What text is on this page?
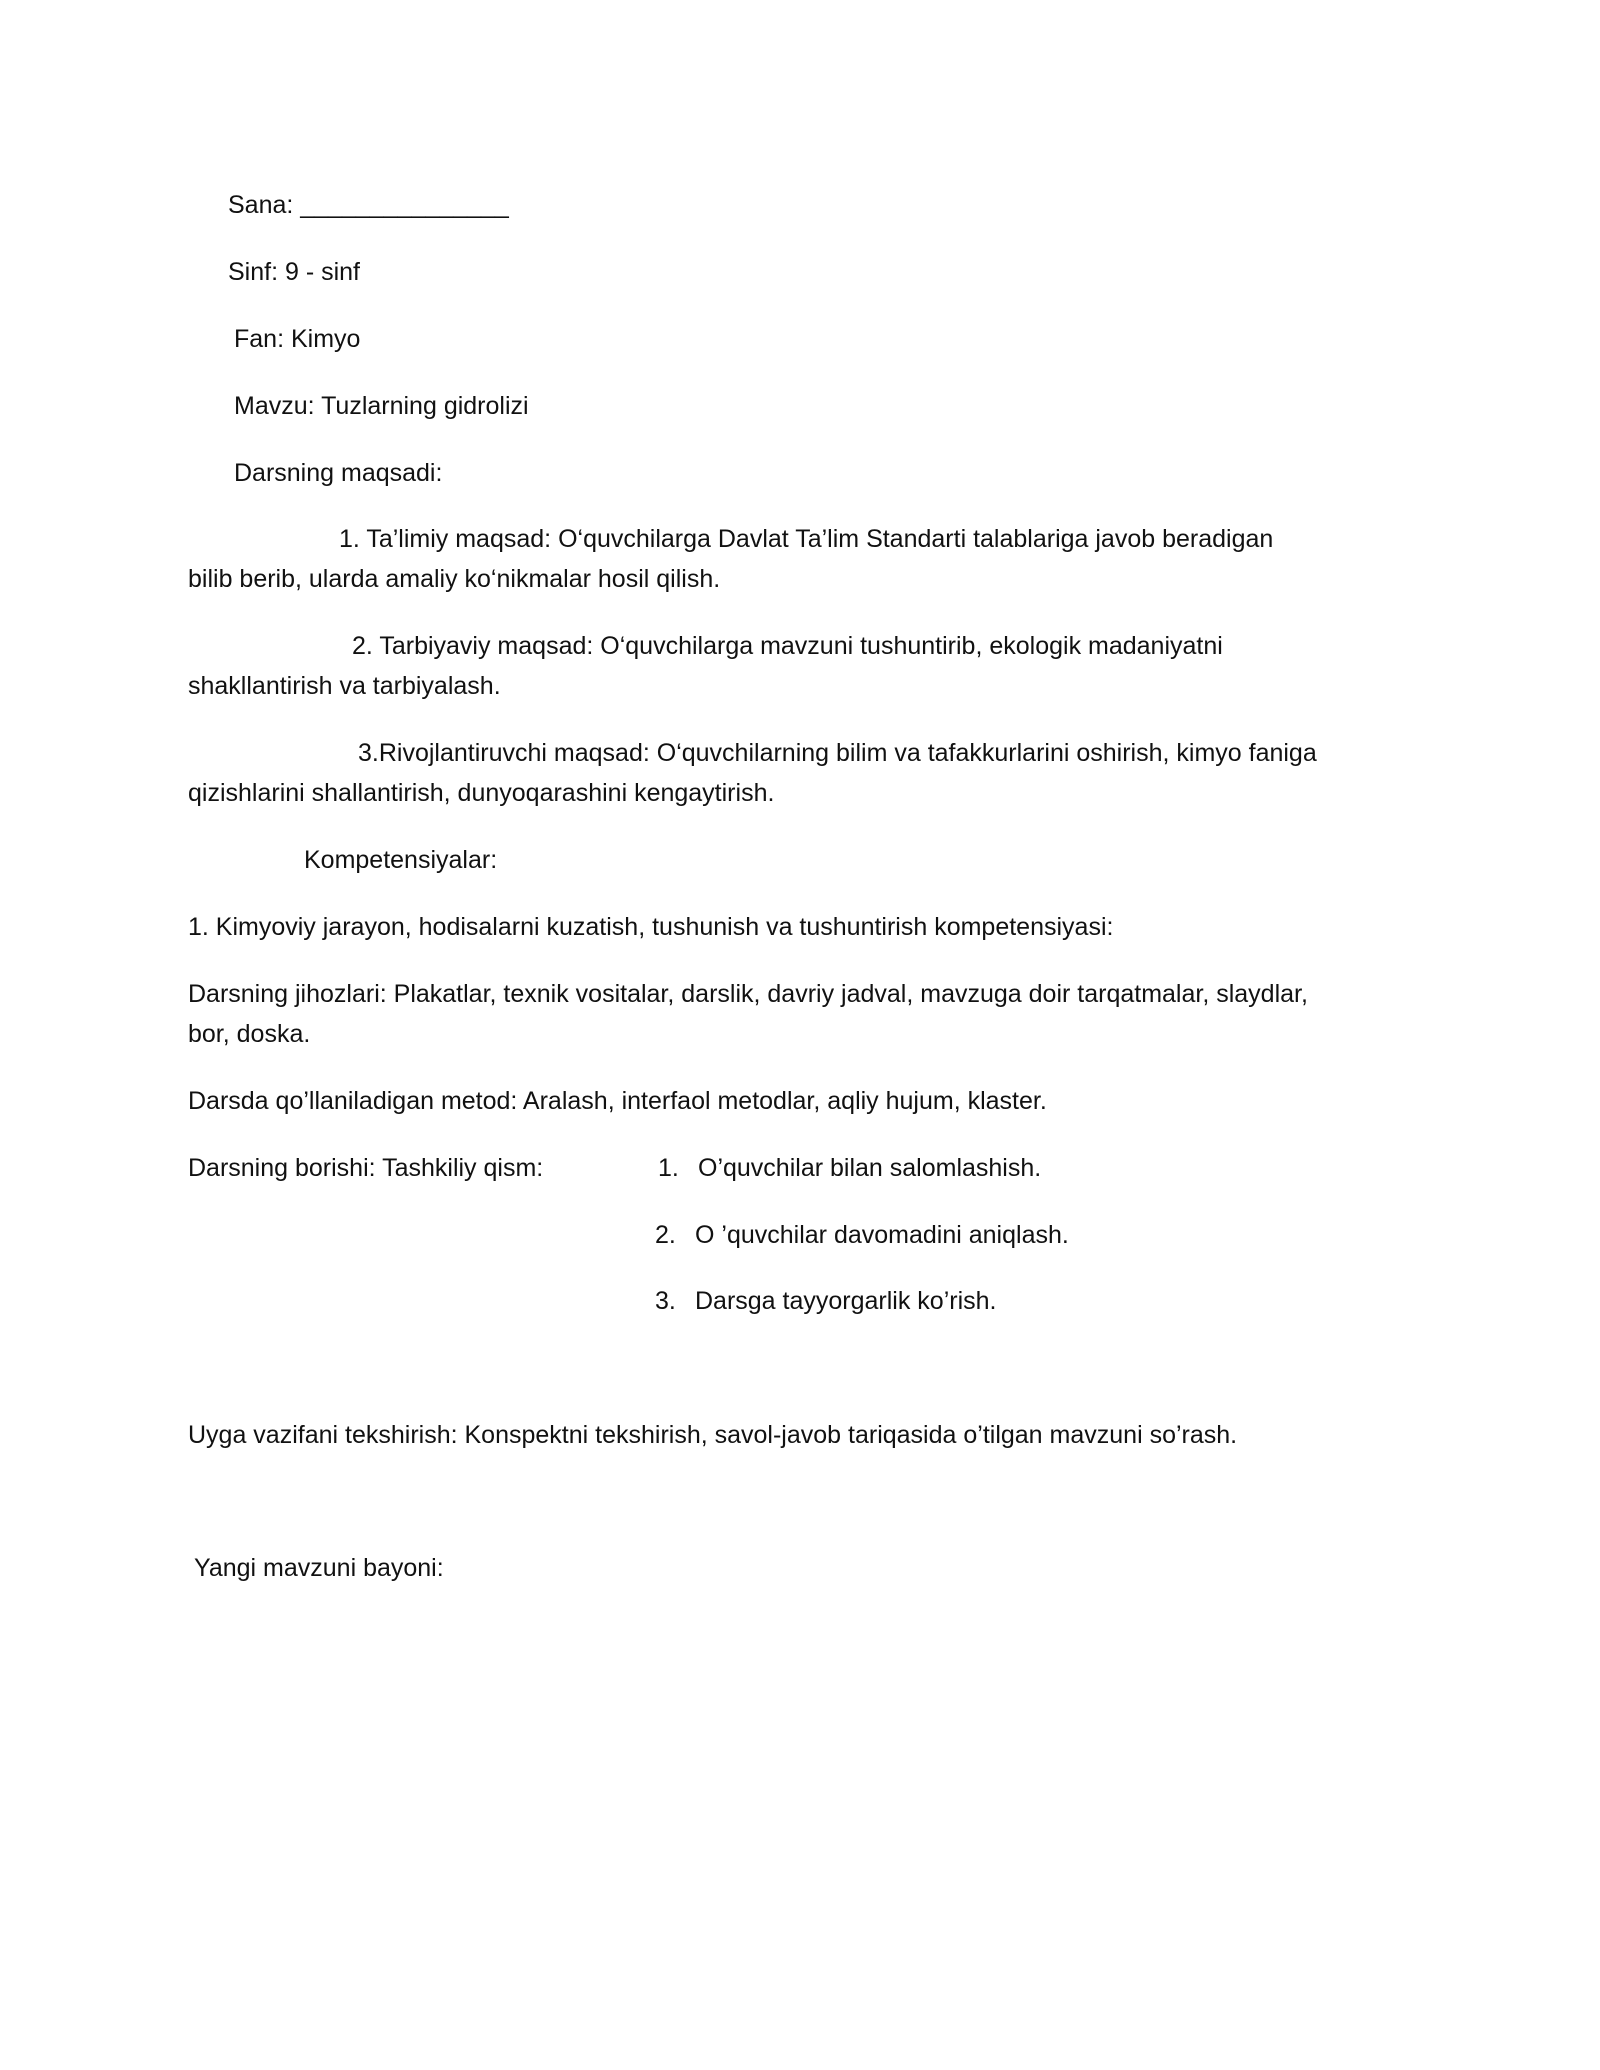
Sana: _______________
Sinf: 9 - sinf
Fan: Kimyo
Mavzu: Tuzlarning gidrolizi
Darsning maqsadi:
1. Ta’limiy maqsad: O‘quvchilarga Davlat Ta’lim Standarti talablariga javob beradigan
bilib berib, ularda amaliy ko‘nikmalar hosil qilish.
2. Tarbiyaviy maqsad: O‘quvchilarga mavzuni tushuntirib, ekologik madaniyatni
shakllantirish va tarbiyalash.
3.Rivojlantiruvchi maqsad: O‘quvchilarning bilim va tafakkurlarini oshirish, kimyo faniga
qizishlarini shallantirish, dunyoqarashini kengaytirish.
Kompetensiyalar:
1. Kimyoviy jarayon, hodisalarni kuzatish, tushunish va tushuntirish kompetensiyasi:
Darsning jihozlari: Plakatlar, texnik vositalar, darslik, davriy jadval, mavzuga doir tarqatmalar, slaydlar,
bor, doska.
Darsda qo’llaniladigan metod: Aralash, interfaol metodlar, aqliy hujum, klaster.
Darsning borishi: Tashkiliy qism:	1. O’quvchilar bilan salomlashish.
2. O ’quvchilar davomadini aniqlash.
3. Darsga tayyorgarlik ko’rish.
Uyga vazifani tekshirish: Konspektni tekshirish, savol-javob tariqasida o’tilgan mavzuni so’rash.
Yangi mavzuni bayoni:
